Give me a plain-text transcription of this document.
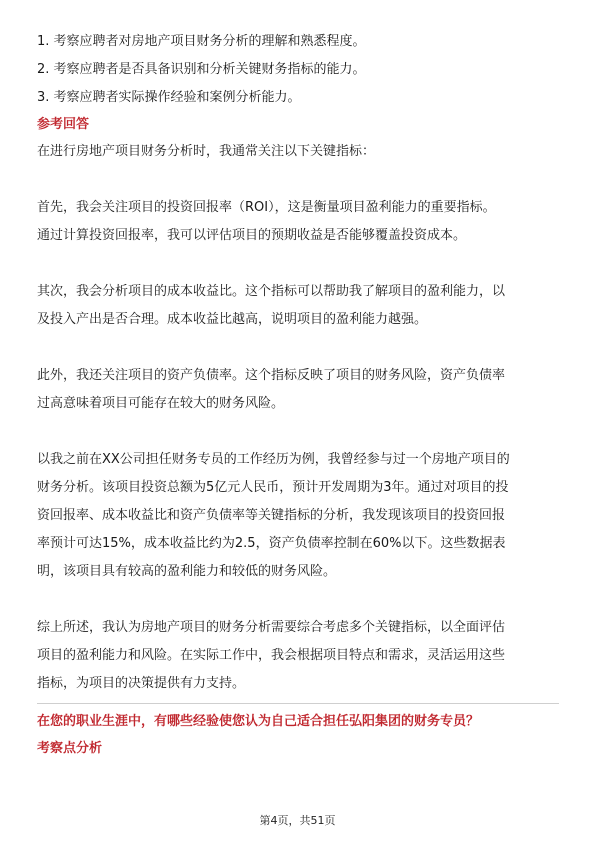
1. 考察应聘者对房地产项目财务分析的理解和熟悉程度。
2. 考察应聘者是否具备识别和分析关键财务指标的能力。
3. 考察应聘者实际操作经验和案例分析能力。
参考回答
在进行房地产项目财务分析时，我通常关注以下关键指标：
首先，我会关注项目的投资回报率（ROI），这是衡量项目盈利能力的重要指标。
通过计算投资回报率，我可以评估项目的预期收益是否能够覆盖投资成本。
其次，我会分析项目的成本收益比。这个指标可以帮助我了解项目的盈利能力，以
及投入产出是否合理。成本收益比越高，说明项目的盈利能力越强。
此外，我还关注项目的资产负债率。这个指标反映了项目的财务风险，资产负债率
过高意味着项目可能存在较大的财务风险。
以我之前在XX公司担任财务专员的工作经历为例，我曾经参与过一个房地产项目的
财务分析。该项目投资总额为5亿元人民币，预计开发周期为3年。通过对项目的投
资回报率、成本收益比和资产负债率等关键指标的分析，我发现该项目的投资回报
率预计可达15%，成本收益比约为2.5，资产负债率控制在60%以下。这些数据表
明，该项目具有较高的盈利能力和较低的财务风险。
综上所述，我认为房地产项目的财务分析需要综合考虑多个关键指标，以全面评估
项目的盈利能力和风险。在实际工作中，我会根据项目特点和需求，灵活运用这些
指标，为项目的决策提供有力支持。
在您的职业生涯中，有哪些经验使您认为自己适合担任弘阳集团的财务专员？
考察点分析
第4页，共51页
